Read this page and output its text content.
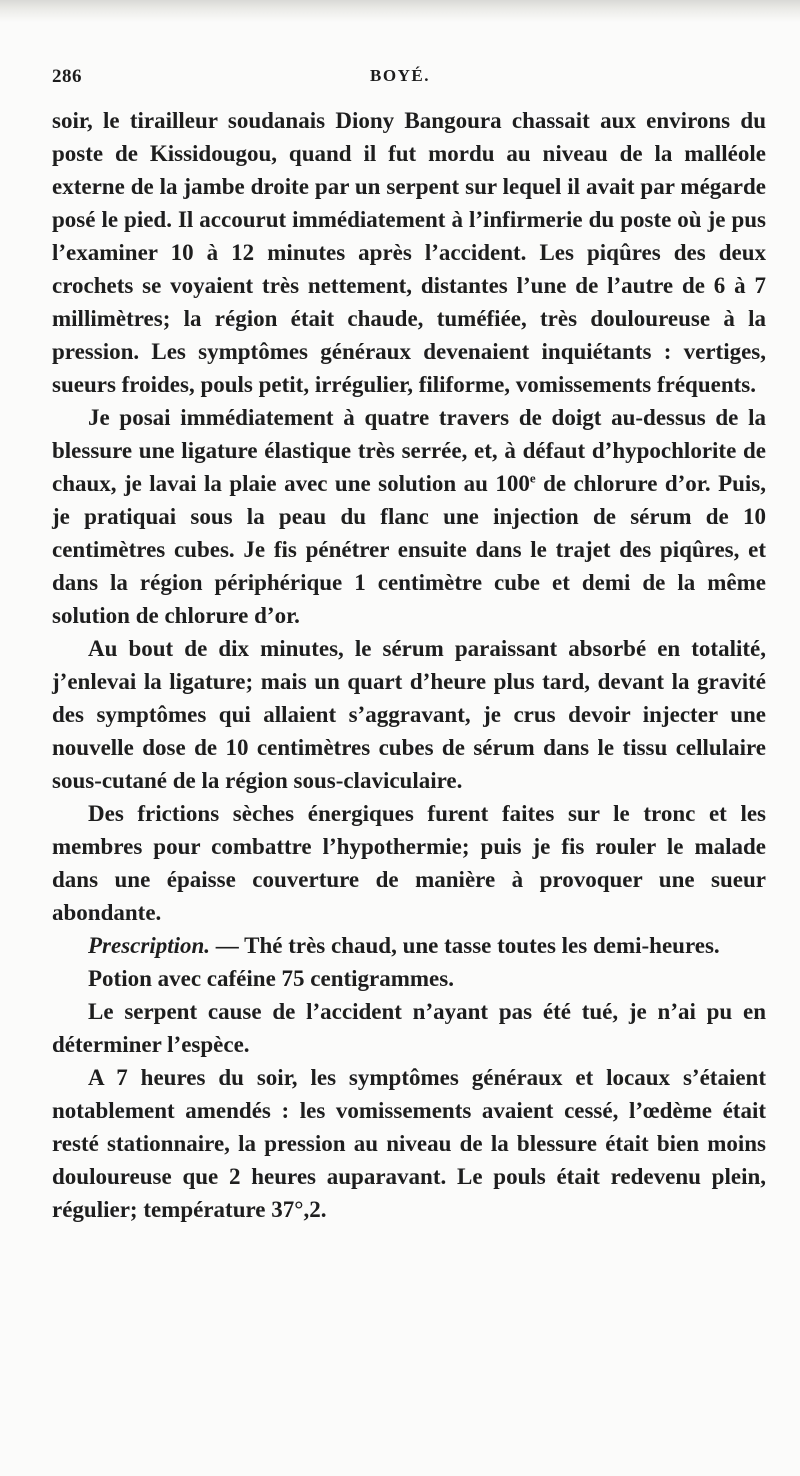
286	BOYÉ.

soir, le tirailleur soudanais Diony Bangoura chassait aux environs du poste de Kissidougou, quand il fut mordu au niveau de la malléole externe de la jambe droite par un serpent sur lequel il avait par mégarde posé le pied. Il accourut immédiatement à l’infirmerie du poste où je pus l’examiner 10 à 12 minutes après l’accident. Les piqûres des deux crochets se voyaient très nettement, distantes l’une de l’autre de 6 à 7 millimètres; la région était chaude, tuméfiée, très douloureuse à la pression. Les symptômes généraux devenaient inquiétants : vertiges, sueurs froides, pouls petit, irrégulier, filiforme, vomissements fréquents.

Je posai immédiatement à quatre travers de doigt au-dessus de la blessure une ligature élastique très serrée, et, à défaut d’hypochlorite de chaux, je lavai la plaie avec une solution au 100e de chlorure d’or. Puis, je pratiquai sous la peau du flanc une injection de sérum de 10 centimètres cubes. Je fis pénétrer ensuite dans le trajet des piqûres, et dans la région périphérique 1 centimètre cube et demi de la même solution de chlorure d’or.

Au bout de dix minutes, le sérum paraissant absorbé en totalité, j’enlevai la ligature; mais un quart d’heure plus tard, devant la gravité des symptômes qui allaient s’aggravant, je crus devoir injecter une nouvelle dose de 10 centimètres cubes de sérum dans le tissu cellulaire sous-cutané de la région sous-claviculaire.

Des frictions sèches énergiques furent faites sur le tronc et les membres pour combattre l’hypothermie; puis je fis rouler le malade dans une épaisse couverture de manière à provoquer une sueur abondante.

Prescription. — Thé très chaud, une tasse toutes les demi-heures.

Potion avec caféine 75 centigrammes.

Le serpent cause de l’accident n’ayant pas été tué, je n’ai pu en déterminer l’espèce.

A 7 heures du soir, les symptômes généraux et locaux s’étaient notablement amendés : les vomissements avaient cessé, l’œdème était resté stationnaire, la pression au niveau de la blessure était bien moins douloureuse que 2 heures auparavant. Le pouls était redevenu plein, régulier; température 37°,2.
